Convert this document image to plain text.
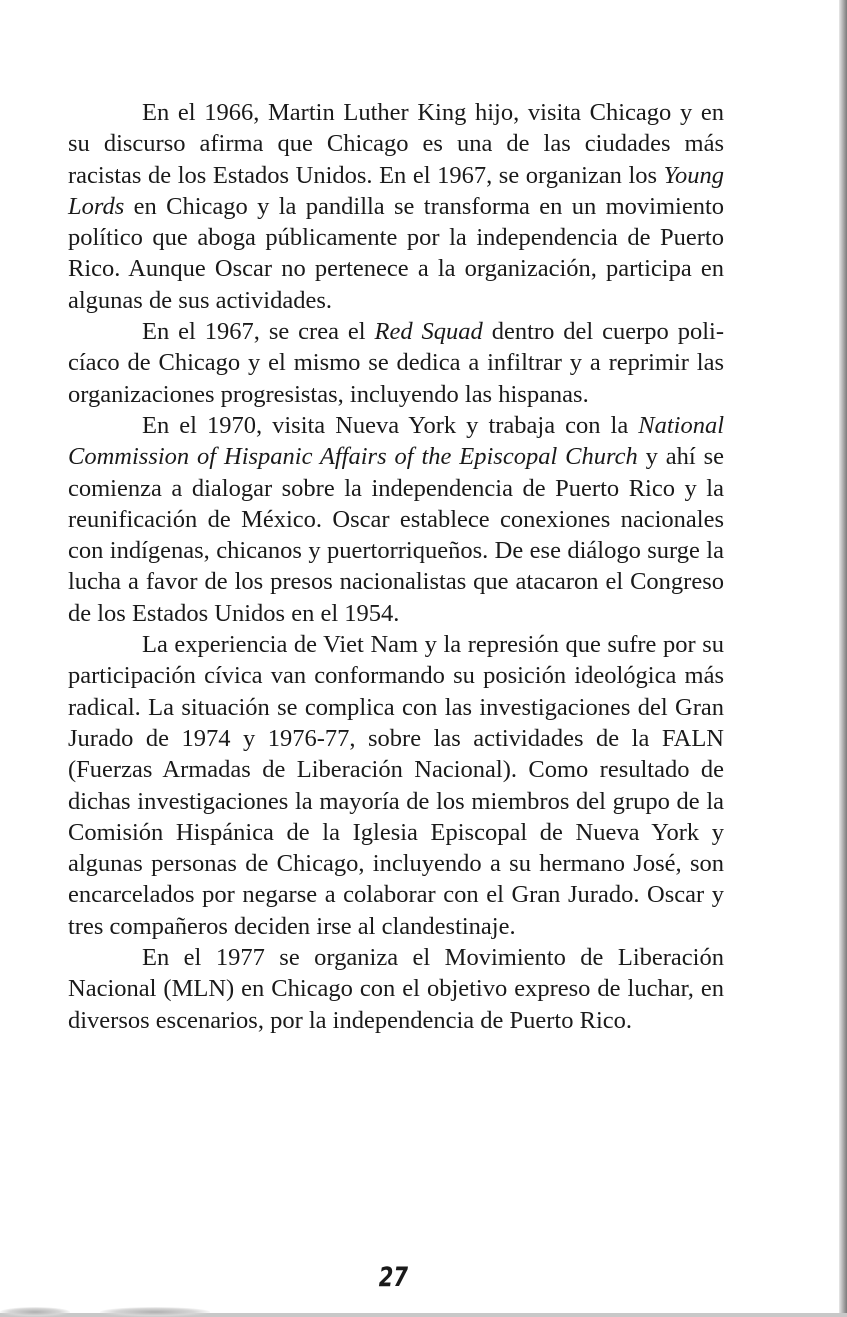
En el 1966, Martin Luther King hijo, visita Chicago y en su discurso afirma que Chicago es una de las ciudades más racistas de los Estados Unidos. En el 1967, se organizan los Young Lords en Chicago y la pandilla se transforma en un movimiento político que aboga públicamente por la independencia de Puerto Rico. Aunque Oscar no pertenece a la organización, participa en algunas de sus actividades.

En el 1967, se crea el Red Squad dentro del cuerpo policíaco de Chicago y el mismo se dedica a infiltrar y a reprimir las organizaciones progresistas, incluyendo las hispanas.

En el 1970, visita Nueva York y trabaja con la National Commission of Hispanic Affairs of the Episcopal Church y ahí se comienza a dialogar sobre la independencia de Puerto Rico y la reunificación de México. Oscar establece conexiones nacionales con indígenas, chicanos y puertorriqueños. De ese diálogo surge la lucha a favor de los presos nacionalistas que atacaron el Congreso de los Estados Unidos en el 1954.

La experiencia de Viet Nam y la represión que sufre por su participación cívica van conformando su posición ideológica más radical. La situación se complica con las investigaciones del Gran Jurado de 1974 y 1976-77, sobre las actividades de la FALN (Fuerzas Armadas de Liberación Nacional). Como resultado de dichas investigaciones la mayoría de los miembros del grupo de la Comisión Hispánica de la Iglesia Episcopal de Nueva York y algunas personas de Chicago, incluyendo a su hermano José, son encarcelados por negarse a colaborar con el Gran Jurado. Oscar y tres compañeros deciden irse al clandestinaje.

En el 1977 se organiza el Movimiento de Liberación Nacional (MLN) en Chicago con el objetivo expreso de luchar, en diversos escenarios, por la independencia de Puerto Rico.

27
